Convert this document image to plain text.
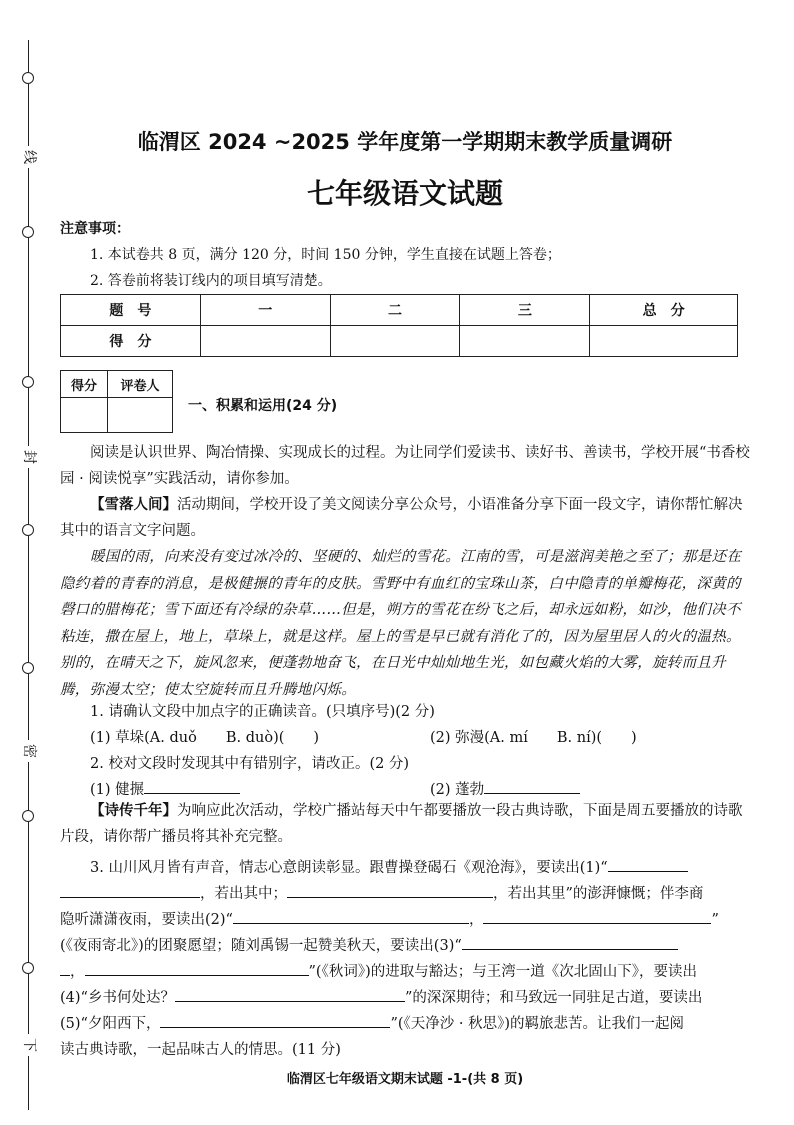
线
封
密
下
临渭区 2024 ~2025 学年度第一学期期末教学质量调研
七年级语文试题
注意事项：
1. 本试卷共 8 页，满分 120 分，时间 150 分钟，学生直接在试题上答卷；
2. 答卷前将装订线内的项目填写清楚。
题　号	一	二	三	总　分
得　分				
得分	评卷人

一、积累和运用(24 分)
阅读是认识世界、陶冶情操、实现成长的过程。为让同学们爱读书、读好书、善读书，学校开展“书香校园 · 阅读悦享”实践活动，请你参加。
【雪落人间】活动期间，学校开设了美文阅读分享公众号，小语准备分享下面一段文字，请你帮忙解决其中的语言文字问题。
暖国的雨，向来没有变过冰冷的、坚硬的、灿烂的雪花。江南的雪，可是滋润美艳之至了；那是还在隐约着的青春的消息，是极健搌的青年的皮肤。雪野中有血红的宝珠山茶，白中隐青的单瓣梅花，深黄的磬口的腊梅花；雪下面还有冷绿的杂草……但是，朔方的雪花在纷飞之后，却永远如粉，如沙，他们决不粘连，撒在屋上，地上，草垛上，就是这样。屋上的雪是早已就有消化了的，因为屋里居人的火的温热。别的，在晴天之下，旋风忽来，便蓬勃地奋飞，在日光中灿灿地生光，如包藏火焰的大雾，旋转而且升腾，弥漫太空；使太空旋转而且升腾地闪烁。
1. 请确认文段中加点字的正确读音。(只填序号)(2 分)
(1) 草垛(A. duǒ　　B. duò)(　　)	(2) 弥漫(A. mí　　B. ní)(　　)
2. 校对文段时发现其中有错别字，请改正。(2 分)
(1) 健搌	(2) 蓬勃
【诗传千年】为响应此次活动，学校广播站每天中午都要播放一段古典诗歌，下面是周五要播放的诗歌片段，请你帮广播员将其补充完整。
3. 山川风月皆有声音，情志心意朗读彰显。跟曹操登碣石《观沧海》，要读出(1)“
，若出其中；	，若出其里”的澎湃慷慨；伴李商
隐听潇潇夜雨，要读出(2)“	，	”
(《夜雨寄北》)的团聚愿望；随刘禹锡一起赞美秋天，要读出(3)“
，	”(《秋词》)的进取与豁达；与王湾一道《次北固山下》，要读出
(4)“乡书何处达？	”的深深期待；和马致远一同驻足古道，要读出
(5)“夕阳西下，	”(《天净沙 · 秋思》)的羁旅悲苦。让我们一起阅
读古典诗歌，一起品味古人的情思。(11 分)
临渭区七年级语文期末试题 -1-(共 8 页)
